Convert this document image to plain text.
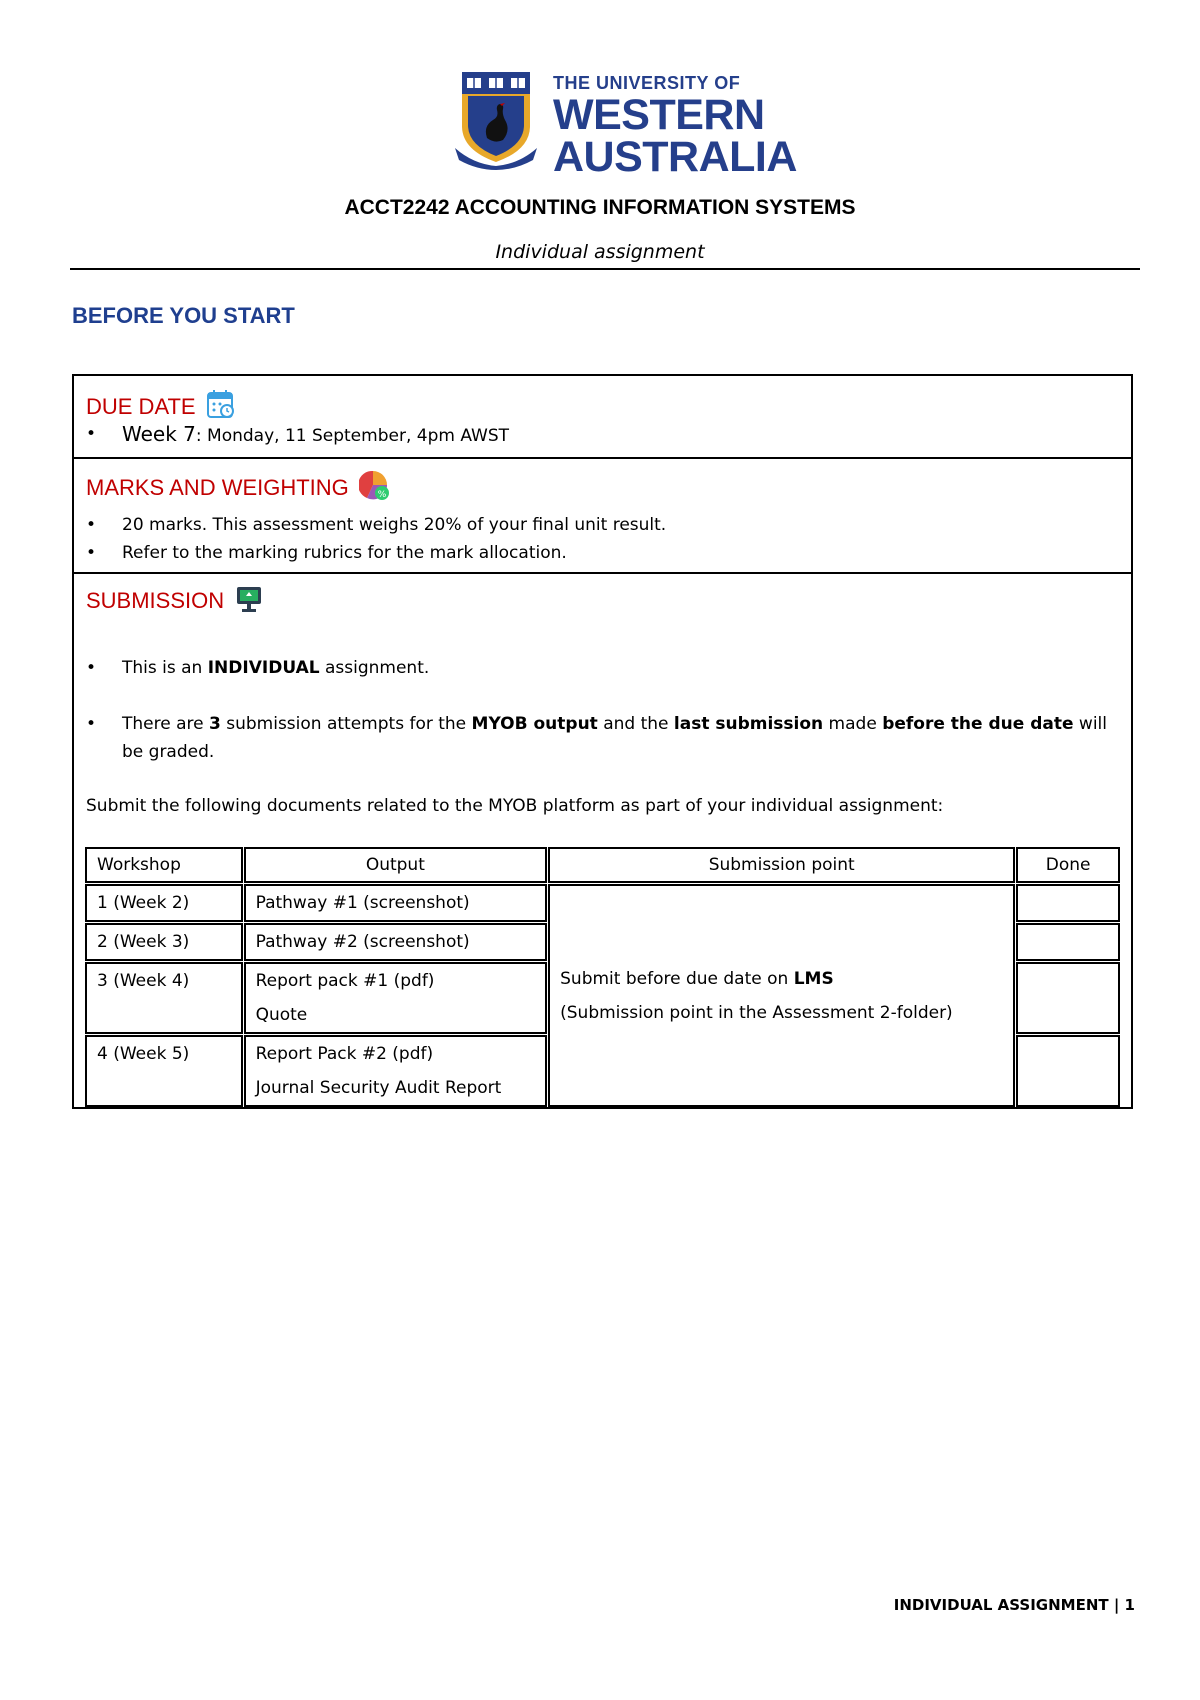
THE UNIVERSITY OF
WESTERN
AUSTRALIA
ACCT2242 ACCOUNTING INFORMATION SYSTEMS
Individual assignment
BEFORE YOU START
DUE DATE
• Week 7: Monday, 11 September, 4pm AWST
MARKS AND WEIGHTING	%
• 20 marks. This assessment weighs 20% of your final unit result.
• Refer to the marking rubrics for the mark allocation.
SUBMISSION
• This is an INDIVIDUAL assignment.
• There are 3 submission attempts for the MYOB output and the last submission made before the due date will be graded.
Submit the following documents related to the MYOB platform as part of your individual assignment:
Workshop	Output	Submission point	Done
1 (Week 2)	Pathway #1 (screenshot)	Submit before due date on LMS
(Submission point in the Assessment 2-folder)	

2 (Week 3)	Pathway #2 (screenshot)		
3 (Week 4)	Report pack #1 (pdf)
Quote		

4 (Week 5)	Report Pack #2 (pdf)
Journal Security Audit Report		

INDIVIDUAL ASSIGNMENT | 1
